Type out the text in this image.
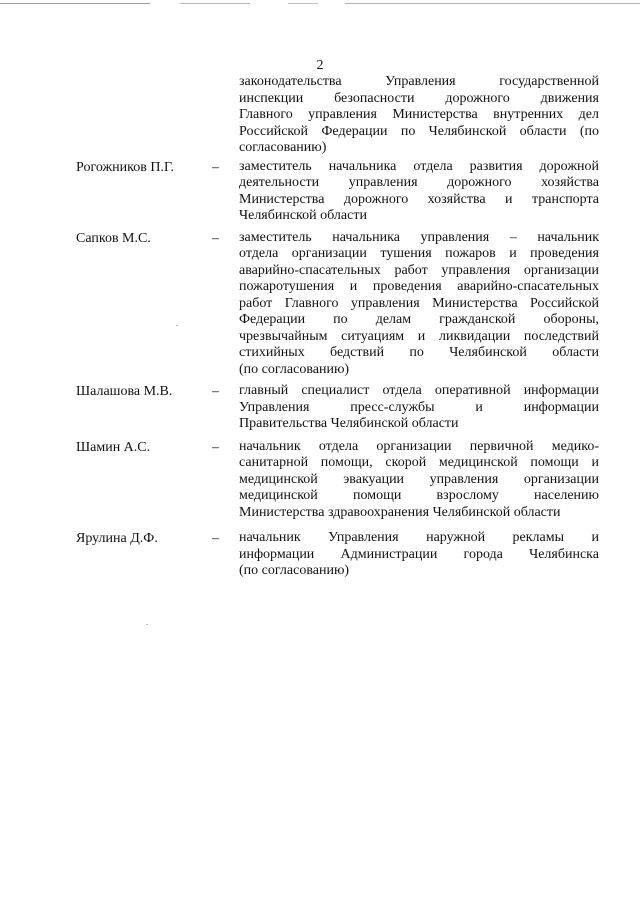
2
законодательства Управления государственной
инспекции безопасности дорожного движения
Главного управления Министерства внутренних дел
Российской Федерации по Челябинской области (по
согласованию)
Рогожников П.Г.	– заместитель начальника отдела развития дорожной
деятельности управления дорожного хозяйства
Министерства дорожного хозяйства и транспорта
Челябинской области
Сапков М.С.	– заместитель начальника управления – начальник
отдела организации тушения пожаров и проведения
аварийно-спасательных работ управления организации
пожаротушения и проведения аварийно-спасательных
работ Главного управления Министерства Российской
Федерации по делам гражданской обороны,
чрезвычайным ситуациям и ликвидации последствий
стихийных бедствий по Челябинской области
(по согласованию)
Шалашова М.В.	– главный специалист отдела оперативной информации
Управления пресс-службы и информации
Правительства Челябинской области
Шамин А.С.	– начальник отдела организации первичной медико-
санитарной помощи, скорой медицинской помощи и
медицинской эвакуации управления организации
медицинской помощи взрослому населению
Министерства здравоохранения Челябинской области
Ярулина Д.Ф.	– начальник Управления наружной рекламы и
информации Администрации города Челябинска
(по согласованию)
